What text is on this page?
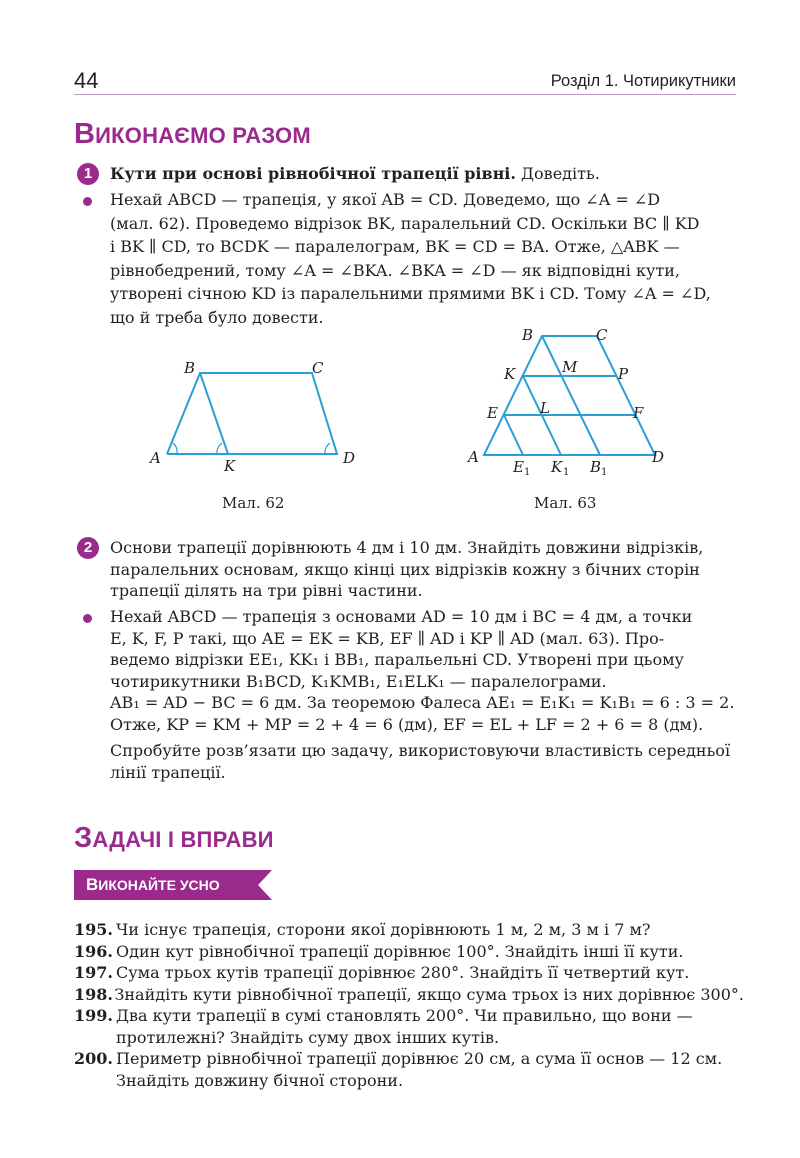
44	Розділ 1. Чотирикутники
ВИКОНАЄМО РАЗОМ
1	Кути при основі рівнобічної трапеції рівні. Доведіть.
Нехай ABCD — трапеція, у якої AB = CD. Доведемо, що ∠A = ∠D
(мал. 62). Проведемо відрізок BK, паралельний CD. Оскільки BC ∥ KD
і BK ∥ CD, то BCDK — паралелограм, BK = CD = BA. Отже, △ABK —
рівнобедрений, тому ∠A = ∠BKA. ∠BKA = ∠D — як відповідні кути,
утворені січною KD із паралельними прямими BK і CD. Тому ∠A = ∠D,
що й треба було довести.
A
B	C
D
K
Мал. 62
B	C
K	M	P
E	L	F
A	D
E 1 K 1 B 1
Мал. 63
2	Основи трапеції дорівнюють 4 дм і 10 дм. Знайдіть довжини відрізків,
паралельних основам, якщо кінці цих відрізків кожну з бічних сторін
трапеції ділять на три рівні частини.
Нехай ABCD — трапеція з основами AD = 10 дм і BC = 4 дм, а точки
E, K, F, P такі, що AE = EK = KB, EF ∥ AD і KP ∥ AD (мал. 63). Про-
ведемо відрізки EE₁, KK₁ і BB₁, паральельні CD. Утворені при цьому
чотирикутники B₁BCD, K₁KMB₁, E₁ELK₁ — паралелограми.
AB₁ = AD − BC = 6 дм. За теоремою Фалеса AE₁ = E₁K₁ = K₁B₁ = 6 : 3 = 2.
Отже, KP = KM + MP = 2 + 4 = 6 (дм), EF = EL + LF = 2 + 6 = 8 (дм).
Спробуйте розв’язати цю задачу, використовуючи властивість середньої
лінії трапеції.
ЗАДАЧІ І ВПРАВИ
ВИКОНАЙТЕ УСНО
195. Чи існує трапеція, сторони якої дорівнюють 1 м, 2 м, 3 м і 7 м?
196. Один кут рівнобічної трапеції дорівнює 100°. Знайдіть інші її кути.
197. Сума трьох кутів трапеції дорівнює 280°. Знайдіть її четвертий кут.
198. Знайдіть кути рівнобічної трапеції, якщо сума трьох із них дорівнює 300°.
199. Два кути трапеції в сумі становлять 200°. Чи правильно, що вони —
протилежні? Знайдіть суму двох інших кутів.
200. Периметр рівнобічної трапеції дорівнює 20 см, а сума її основ — 12 см.
Знайдіть довжину бічної сторони.
